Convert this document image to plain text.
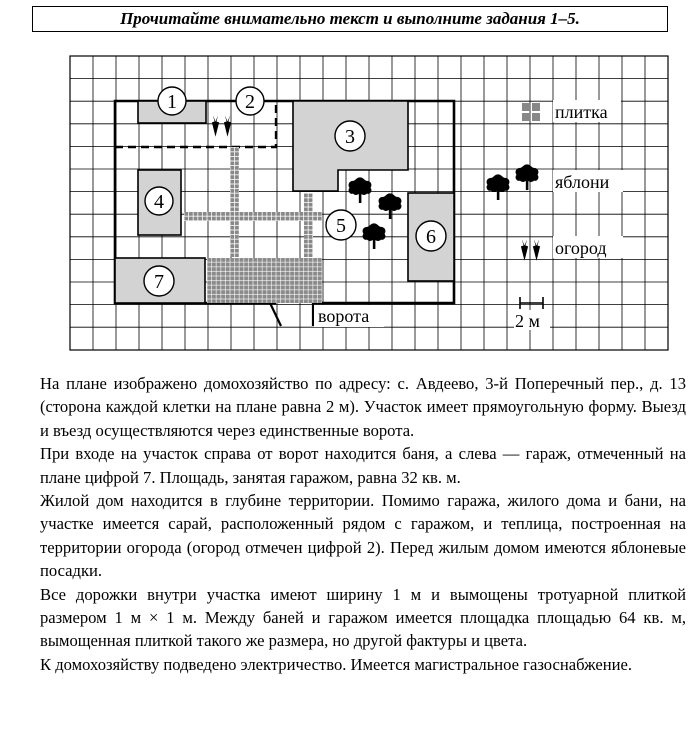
Прочитайте внимательно текст и выполните задания 1–5.
1	2
3
4
5	6
7
ворота
плитка
яблони
огород
2 м

На плане изображено домохозяйство по адресу: с. Авдеево, 3-й Поперечный пер., д. 13 (сторона каждой клетки на плане равна 2 м). Участок имеет прямоугольную форму. Выезд и въезд осуществляются через единственные ворота.

При входе на участок справа от ворот находится баня, а слева — гараж, отмеченный на плане цифрой 7. Площадь, занятая гаражом, равна 32 кв. м.

Жилой дом находится в глубине территории. Помимо гаража, жилого дома и бани, на участке имеется сарай, расположенный рядом с гаражом, и теплица, построенная на территории огорода (огород отмечен цифрой 2). Перед жилым домом имеются яблоневые посадки.

Все дорожки внутри участка имеют ширину 1 м и вымощены тротуарной плиткой размером 1 м × 1 м. Между баней и гаражом имеется площадка площадью 64 кв. м, вымощенная плиткой такого же размера, но другой фактуры и цвета.

К домохозяйству подведено электричество. Имеется магистральное газоснабжение.
